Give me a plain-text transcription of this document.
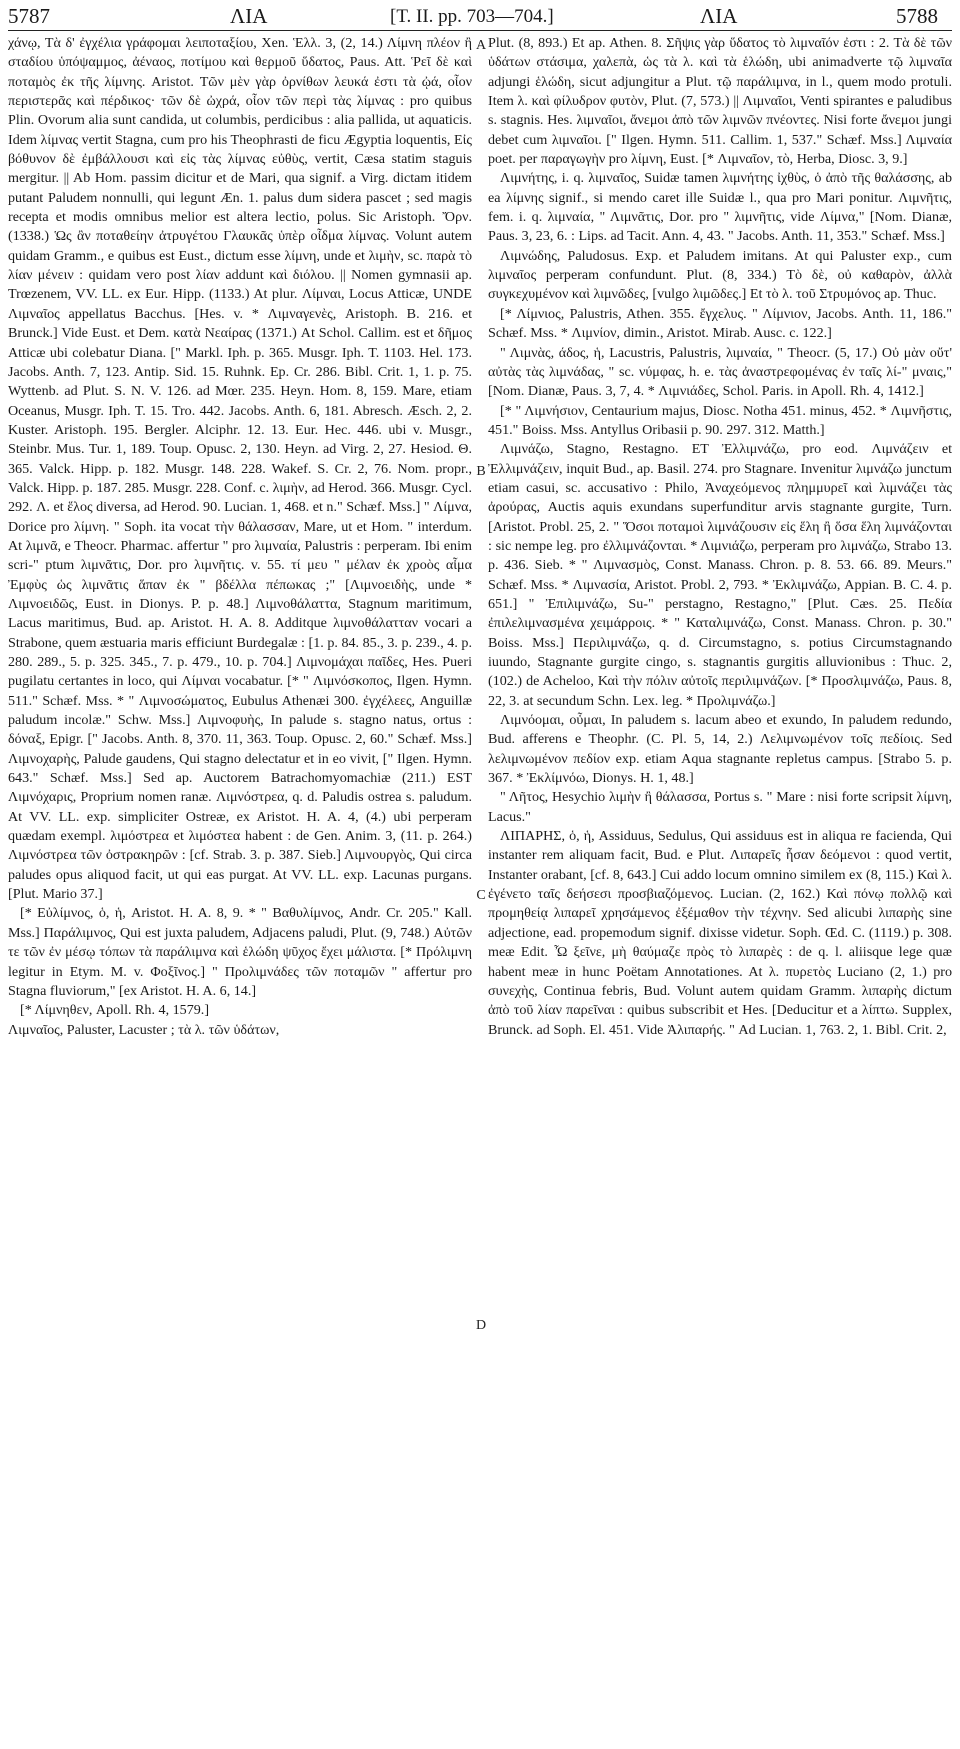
5787	ΛΙΑ	[T. II. pp. 703—704.]	ΛΙΑ	5788

χάνῳ, Τὰ δ' ἐγχέλια γράφομαι λειποταξίου, Xen. Ἑλλ. 3, (2, 14.) Λίμνη πλέον ἢ σταδίου ὑπόψαμμος, ἀέναος, ποτίμου καὶ θερμοῦ ὕδατος, Paus. Att. Ῥεῖ δὲ καὶ ποταμὸς ἐκ τῆς λίμνης. Aristot. Τῶν μὲν γὰρ ὀρνίθων λευκά ἐστι τὰ ᾠά, οἷον περιστερᾶς καὶ πέρδικος· τῶν δὲ ὠχρά, οἷον τῶν περὶ τὰς λίμνας : pro quibus Plin. Ovorum alia sunt candida, ut columbis, perdicibus : alia pallida, ut aquaticis. Idem λίμνας vertit Stagna, cum pro his Theophrasti de ficu Ægyptia loquentis, Εἰς βόθυνον δὲ ἐμβάλλουσι καὶ εἰς τὰς λίμνας εὐθὺς, vertit, Cæsa statim staguis mergitur. || Ab Hom. passim dicitur et de Mari, qua signif. a Virg. dictam itidem putant Paludem nonnulli, qui legunt Æn. 1. palus dum sidera pascet ; sed magis recepta et modis omnibus melior est altera lectio, polus. Sic Aristoph. Ὄρν. (1338.) Ὡς ἂν ποταθείην ἀτρυγέτου Γλαυκᾶς ὑπὲρ οἶδμα λίμνας. Volunt autem quidam Gramm., e quibus est Eust., dictum esse λίμνη, unde et λιμὴν, sc. παρὰ τὸ λίαν μένειν : quidam vero post λίαν addunt καὶ διόλου. || Nomen gymnasii ap. Trœzenem, VV. LL. ex Eur. Hipp. (1133.) At plur. Λίμναι, Locus Atticæ, UNDE Λιμναῖος appellatus Bacchus. [Hes. v. * Λιμναγενὲς, Aristoph. B. 216. et Brunck.] Vide Eust. et Dem. κατὰ Νεαίρας (1371.) At Schol. Callim. est et δῆμος Atticæ ubi colebatur Diana. [" Markl. Iph. p. 365. Musgr. Iph. T. 1103. Hel. 173. Jacobs. Anth. 7, 123. Antip. Sid. 15. Ruhnk. Ep. Cr. 286. Bibl. Crit. 1, 1. p. 75. Wyttenb. ad Plut. S. N. V. 126. ad Mœr. 235. Heyn. Hom. 8, 159. Mare, etiam Oceanus, Musgr. Iph. T. 15. Tro. 442. Jacobs. Anth. 6, 181. Abresch. Æsch. 2, 2. Kuster. Aristoph. 195. Bergler. Alciphr. 12. 13. Eur. Hec. 446. ubi v. Musgr., Steinbr. Mus. Tur. 1, 189. Toup. Opusc. 2, 130. Heyn. ad Virg. 2, 27. Hesiod. Θ. 365. Valck. Hipp. p. 182. Musgr. 148. 228. Wakef. S. Cr. 2, 76. Nom. propr., Valck. Hipp. p. 187. 285. Musgr. 228. Conf. c. λιμὴν, ad Herod. 366. Musgr. Cycl. 292. Λ. et ἕλος diversa, ad Herod. 90. Lucian. 1, 468. et n." Schæf. Mss.] " Λίμνα, Dorice pro λίμνη. " Soph. ita vocat τὴν θάλασσαν, Mare, ut et Hom. " interdum. At λιμνᾶ, e Theocr. Pharmac. affertur " pro λιμναία, Palustris : perperam. Ibi enim scri-" ptum λιμνᾶτις, Dor. pro λιμνῆτις. v. 55. τί μευ " μέλαν ἐκ χροὸς αἷμα Ἐμφὺς ὡς λιμνᾶτις ἅπαν ἐκ " βδέλλα πέπωκας ;" [Λιμνοειδὴς, unde * Λιμνοειδῶς, Eust. in Dionys. P. p. 48.] Λιμνοθάλαττα, Stagnum maritimum, Lacus maritimus, Bud. ap. Aristot. H. A. 8. Additque λιμνοθάλατταν vocari a Strabone, quem æstuaria maris efficiunt Burdegalæ : [1. p. 84. 85., 3. p. 239., 4. p. 280. 289., 5. p. 325. 345., 7. p. 479., 10. p. 704.] Λιμνομάχαι παῖδες, Hes. Pueri pugilatu certantes in loco, qui Λίμναι vocabatur. [* " Λιμνόσκοπος, Ilgen. Hymn. 511." Schæf. Mss. * " Λιμνοσώματος, Eubulus Athenæi 300. ἐγχέλεες, Anguillæ paludum incolæ." Schw. Mss.] Λιμνοφυὴς, In palude s. stagno natus, ortus : δόναξ, Epigr. [" Jacobs. Anth. 8, 370. 11, 363. Toup. Opusc. 2, 60." Schæf. Mss.] Λιμνοχαρὴς, Palude gaudens, Qui stagno delectatur et in eo vivit, [" Ilgen. Hymn. 643." Schæf. Mss.] Sed ap. Auctorem Batrachomyomachiæ (211.) EST Λιμνόχαρις, Proprium nomen ranæ. Λιμνόστρεα, q. d. Paludis ostrea s. paludum. At VV. LL. exp. simpliciter Ostreæ, ex Aristot. H. A. 4, (4.) ubi perperam quædam exempl. λιμόστρεα et λιμόστεα habent : de Gen. Anim. 3, (11. p. 264.) Λιμνόστρεα τῶν ὀστρακηρῶν : [cf. Strab. 3. p. 387. Sieb.] Λιμνουργὸς, Qui circa paludes opus aliquod facit, ut qui eas purgat. At VV. LL. exp. Lacunas purgans. [Plut. Mario 37.]

[* Εὐλίμνος, ὁ, ἡ, Aristot. H. A. 8, 9. * " Βαθυλίμνος, Andr. Cr. 205." Kall. Mss.] Παράλιμνος, Qui est juxta paludem, Adjacens paludi, Plut. (9, 748.) Αὐτῶν τε τῶν ἐν μέσῳ τόπων τὰ παράλιμνα καὶ ἑλώδη ψῦχος ἔχει μάλιστα. [* Πρόλιμνη legitur in Etym. M. v. Φοξῖνος.] " Προλιμνάδες τῶν ποταμῶν " affertur pro Stagna fluviorum," [ex Aristot. H. A. 6, 14.]

[* Λίμνηθεν, Apoll. Rh. 4, 1579.]

Λιμναῖος, Paluster, Lacuster ; τὰ λ. τῶν ὑδάτων,

A
B
C
D

Plut. (8, 893.) Et ap. Athen. 8. Σῆψις γὰρ ὕδατος τὸ λιμναῖόν ἐστι : 2. Τὰ δὲ τῶν ὑδάτων στάσιμα, χαλεπὰ, ὡς τὰ λ. καὶ τὰ ἑλώδη, ubi animadverte τῷ λιμναῖα adjungi ἑλώδη, sicut adjungitur a Plut. τῷ παράλιμνα, in l., quem modo protuli. Item λ. καὶ φίλυδρον φυτὸν, Plut. (7, 573.) || Λιμναῖοι, Venti spirantes e paludibus s. stagnis. Hes. λιμναῖοι, ἄνεμοι ἀπὸ τῶν λιμνῶν πνέοντες. Nisi forte ἄνεμοι jungi debet cum λιμναῖοι. [" Ilgen. Hymn. 511. Callim. 1, 537." Schæf. Mss.] Λιμναία poet. per παραγωγὴν pro λίμνη, Eust. [* Λιμναῖον, τὸ, Herba, Diosc. 3, 9.]

Λιμνήτης, i. q. λιμναῖος, Suidæ tamen λιμνήτης ἰχθὺς, ὁ ἀπὸ τῆς θαλάσσης, ab ea λίμνης signif., si mendo caret ille Suidæ l., qua pro Mari ponitur. Λιμνῆτις, fem. i. q. λιμναία, " Λιμνᾶτις, Dor. pro " λιμνῆτις, vide Λίμνα," [Nom. Dianæ, Paus. 3, 23, 6. : Lips. ad Tacit. Ann. 4, 43. " Jacobs. Anth. 11, 353." Schæf. Mss.]

Λιμνώδης, Paludosus. Exp. et Paludem imitans. At qui Paluster exp., cum λιμναῖος perperam confundunt. Plut. (8, 334.) Τὸ δὲ, οὐ καθαρὸν, ἀλλὰ συγκεχυμένον καὶ λιμνῶδες, [vulgo λιμῶδες.] Et τὸ λ. τοῦ Στρυμόνος ap. Thuc.

[* Λίμνιος, Palustris, Athen. 355. ἔγχελυς. " Λίμνιον, Jacobs. Anth. 11, 186." Schæf. Mss. * Λιμνίον, dimin., Aristot. Mirab. Ausc. c. 122.]

" Λιμνὰς, άδος, ἡ, Lacustris, Palustris, λιμναία, " Theocr. (5, 17.) Οὐ μὰν οὔτ' αὐτὰς τὰς λιμνάδας, " sc. νύμφας, h. e. τὰς ἀναστρεφομένας ἐν ταῖς λί-" μναις," [Nom. Dianæ, Paus. 3, 7, 4. * Λιμνιάδες, Schol. Paris. in Apoll. Rh. 4, 1412.]

[* " Λιμνήσιον, Centaurium majus, Diosc. Notha 451. minus, 452. * Λιμνῆστις, 451." Boiss. Mss. Antyllus Oribasii p. 90. 297. 312. Matth.]

Λιμνάζω, Stagno, Restagno. ΕΤ Ἐλλιμνάζω, pro eod. Λιμνάζειν et Ἐλλιμνάζειν, inquit Bud., ap. Basil. 274. pro Stagnare. Invenitur λιμνάζω junctum etiam casui, sc. accusativo : Philo, Ἀναχεόμενος πλημμυρεῖ καὶ λιμνάζει τὰς ἀρούρας, Auctis aquis exundans superfunditur arvis stagnante gurgite, Turn. [Aristot. Probl. 25, 2. " Ὅσοι ποταμοὶ λιμνάζουσιν εἰς ἕλη ἢ ὅσα ἕλη λιμνάζονται : sic nempe leg. pro ἐλλιμνάζονται. * Λιμνιάζω, perperam pro λιμνάζω, Strabo 13. p. 436. Sieb. * " Λιμνασμὸς, Const. Manass. Chron. p. 8. 53. 66. 89. Meurs." Schæf. Mss. * Λιμνασία, Aristot. Probl. 2, 793. * Ἐκλιμνάζω, Appian. B. C. 4. p. 651.] " Ἐπιλιμνάζω, Su-" perstagno, Restagno," [Plut. Cæs. 25. Πεδία ἐπιλελιμνασμένα χειμάρροις. * " Καταλιμνάζω, Const. Manass. Chron. p. 30." Boiss. Mss.] Περιλιμνάζω, q. d. Circumstagno, s. potius Circumstagnando iuundo, Stagnante gurgite cingo, s. stagnantis gurgitis alluvionibus : Thuc. 2, (102.) de Acheloo, Καὶ τὴν πόλιν αὐτοῖς περιλιμνάζων. [* Προσλιμνάζω, Paus. 8, 22, 3. at secundum Schn. Lex. leg. * Προλιμνάζω.]

Λιμνόομαι, οὖμαι, In paludem s. lacum abeo et exundo, In paludem redundo, Bud. afferens e Theophr. (C. Pl. 5, 14, 2.) Λελιμνωμένον τοῖς πεδίοις. Sed λελιμνωμένον πεδίον exp. etiam Aqua stagnante repletus campus. [Strabo 5. p. 367. * Ἐκλίμνόω, Dionys. H. 1, 48.]

" Λῆτος, Hesychio λιμὴν ἢ θάλασσα, Portus s. " Mare : nisi forte scripsit λίμνη, Lacus."

ΛΙΠΑΡΗΣ, ὁ, ἡ, Assiduus, Sedulus, Qui assiduus est in aliqua re facienda, Qui instanter rem aliquam facit, Bud. e Plut. Λιπαρεῖς ἦσαν δεόμενοι : quod vertit, Instanter orabant, [cf. 8, 643.] Cui addo locum omnino similem ex (8, 115.) Καὶ λ. ἐγένετο ταῖς δεήσεσι προσβιαζόμενος. Lucian. (2, 162.) Καὶ πόνῳ πολλῷ καὶ προμηθείᾳ λιπαρεῖ χρησάμενος ἐξέμαθον τὴν τέχνην. Sed alicubi λιπαρὴς sine adjectione, ead. propemodum signif. dixisse videtur. Soph. Œd. C. (1119.) p. 308. meæ Edit. Ὦ ξεῖνε, μὴ θαύμαζε πρὸς τὸ λιπαρὲς : de q. l. aliisque lege quæ habent meæ in hunc Poëtam Annotationes. At λ. πυρετὸς Luciano (2, 1.) pro συνεχὴς, Continua febris, Bud. Volunt autem quidam Gramm. λιπαρὴς dictum ἀπὸ τοῦ λίαν παρεῖναι : quibus subscribit et Hes. [Deducitur et a λίπτω. Supplex, Brunck. ad Soph. El. 451. Vide Ἀλιπαρής. " Ad Lucian. 1, 763. 2, 1. Bibl. Crit. 2,
